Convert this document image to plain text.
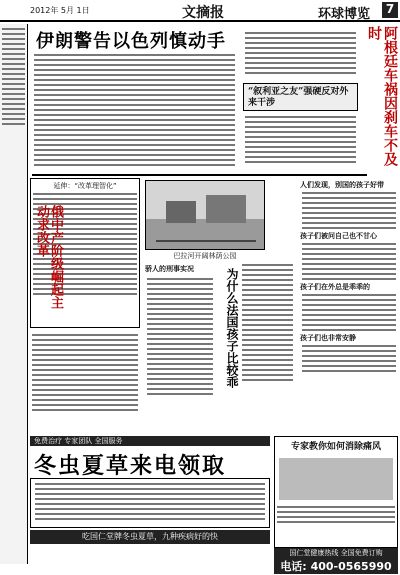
2012年 5月 1日	文摘报	环球博览	7
伊朗警告以色列慎动手
“叙利亚之友”强硬反对外来干涉	阿根廷车祸因刹车不及时
延伸：“改革理智化”
俄中产阶级崛起主动求改革	巴拉河开阔林荫公园
骄人的刑事实况	为什么法国孩子比较乖
人们发现，别国的孩子好带
孩子们被问自己也不甘心
孩子们在外总是乖乖的
孩子们也非常安静
免费治疗 专家团队 全国服务
冬虫夏草来电领取
吃国仁堂牌冬虫夏草，九种疾病好的快
专家教你如何消除痛风
国仁堂健康热线 全国免费订购
电话: 400-0565990
